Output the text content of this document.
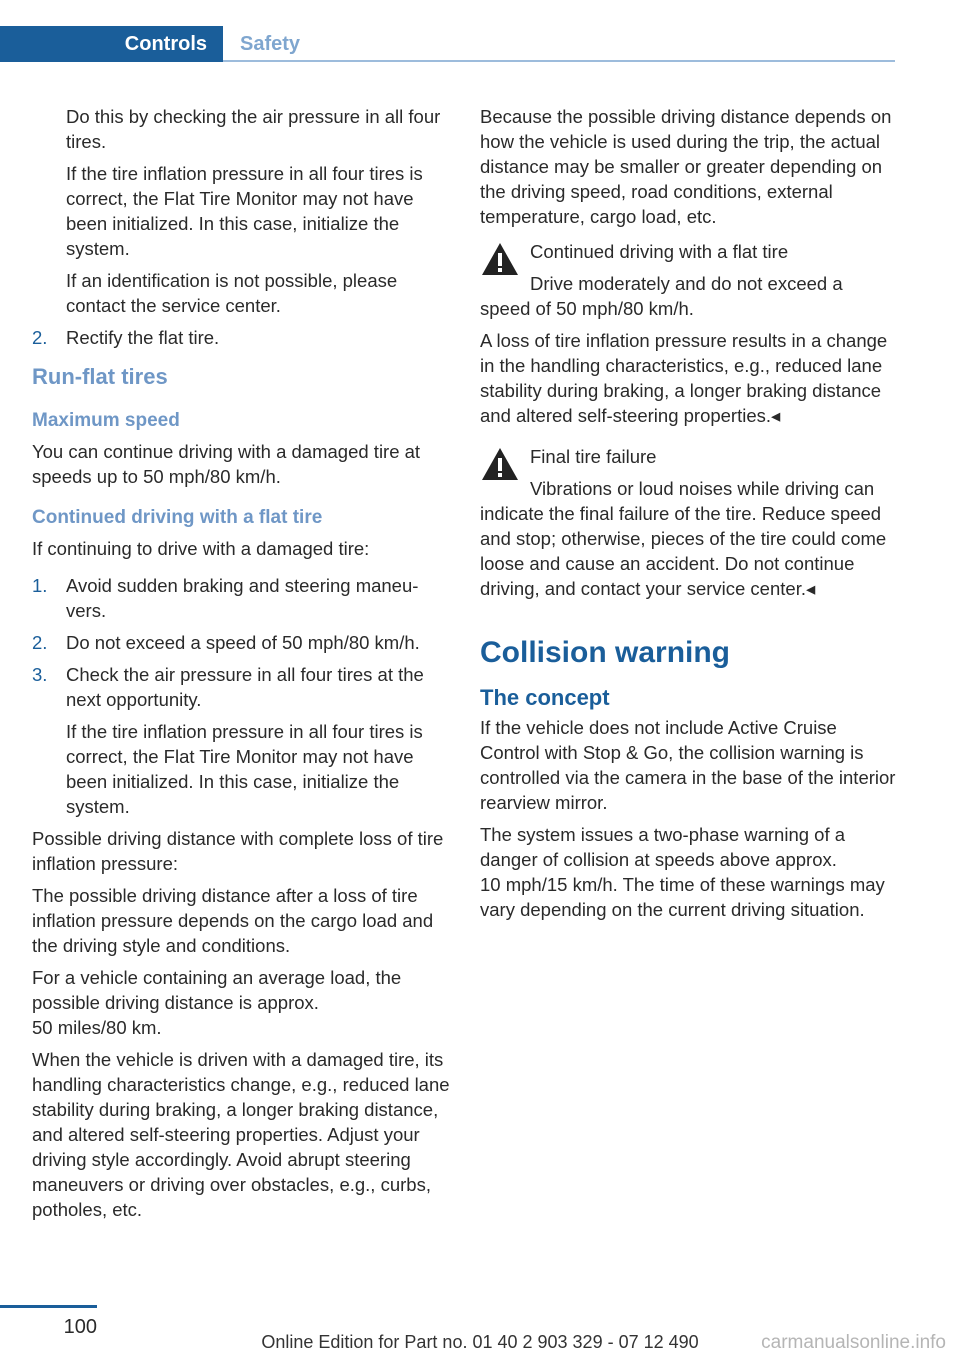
Controls	Safety

Do this by checking the air pressure in all four tires.

If the tire inflation pressure in all four tires is correct, the Flat Tire Monitor may not have been initialized. In this case, initialize the system.

If an identification is not possible, please contact the service center.

2. Rectify the flat tire.
Run-flat tires
Maximum speed

You can continue driving with a damaged tire at speeds up to 50 mph/80 km/h.

Continued driving with a flat tire

If continuing to drive with a damaged tire:

1. Avoid sudden braking and steering maneuvers.
2. Do not exceed a speed of 50 mph/80 km/h.
3. Check the air pressure in all four tires at the next opportunity.

If the tire inflation pressure in all four tires is correct, the Flat Tire Monitor may not have been initialized. In this case, initialize the system.

Possible driving distance with complete loss of tire inflation pressure:

The possible driving distance after a loss of tire inflation pressure depends on the cargo load and the driving style and conditions.

For a vehicle containing an average load, the possible driving distance is approx.
50 miles/80 km.

When the vehicle is driven with a damaged tire, its handling characteristics change, e.g., reduced lane stability during braking, a longer braking distance, and altered self-steering properties. Adjust your driving style accordingly. Avoid abrupt steering maneuvers or driving over obstacles, e.g., curbs, potholes, etc.

Because the possible driving distance depends on how the vehicle is used during the trip, the actual distance may be smaller or greater depending on the driving speed, road conditions, external temperature, cargo load, etc.

Continued driving with a flat tire
Drive moderately and do not exceed a speed of 50 mph/80 km/h.

A loss of tire inflation pressure results in a change in the handling characteristics, e.g., reduced lane stability during braking, a longer braking distance and altered self-steering properties.◂

Final tire failure
Vibrations or loud noises while driving can indicate the final failure of the tire. Reduce speed and stop; otherwise, pieces of the tire could come loose and cause an accident. Do not continue driving, and contact your service center.◂
Collision warning
The concept

If the vehicle does not include Active Cruise Control with Stop & Go, the collision warning is controlled via the camera in the base of the interior rearview mirror.

The system issues a two-phase warning of a danger of collision at speeds above approx.
10 mph/15 km/h. The time of these warnings may vary depending on the current driving situation.

100
Online Edition for Part no. 01 40 2 903 329 - 07 12 490	carmanualsonline.info
